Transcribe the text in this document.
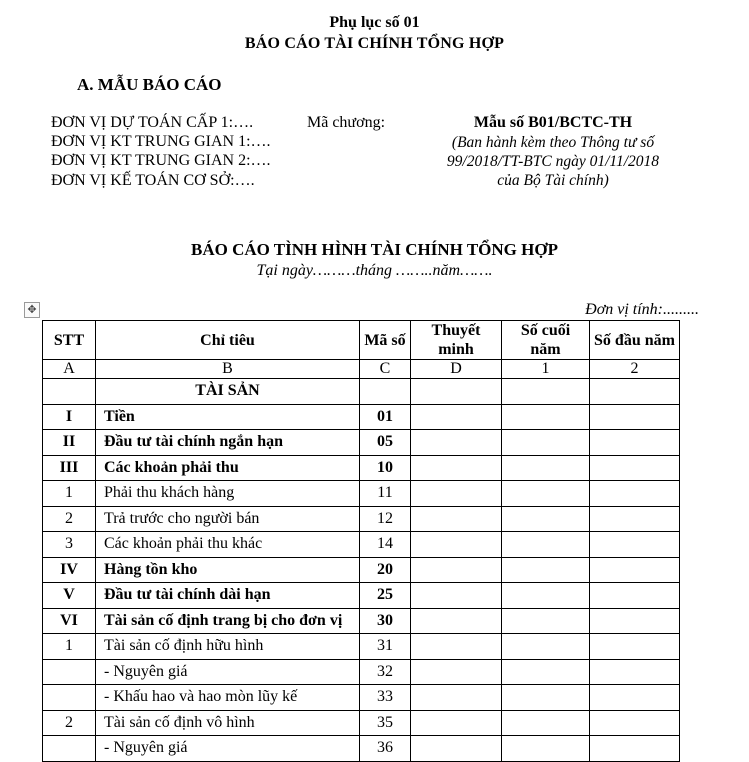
Phụ lục số 01
BÁO CÁO TÀI CHÍNH TỔNG HỢP
A. MẪU BÁO CÁO
ĐƠN VỊ DỰ TOÁN CẤP 1:….
ĐƠN VỊ KT TRUNG GIAN 1:….
ĐƠN VỊ KT TRUNG GIAN 2:….
ĐƠN VỊ KẾ TOÁN CƠ SỞ:….
Mã chương:	Mẫu số B01/BCTC-TH
(Ban hành kèm theo Thông tư số
99/2018/TT-BTC ngày 01/11/2018
của Bộ Tài chính)
BÁO CÁO TÌNH HÌNH TÀI CHÍNH TỔNG HỢP
Tại ngày………tháng ……..năm…….
Đơn vị tính:.........
✥
STT	Chỉ tiêu	Mã số	Thuyết minh	Số cuối năm	Số đầu năm
A	B	C	D	1	2
	TÀI SẢN				
I	Tiền	01			
II	Đầu tư tài chính ngắn hạn	05			
III	Các khoản phải thu	10			
1	Phải thu khách hàng	11			
2	Trả trước cho người bán	12			
3	Các khoản phải thu khác	14			
IV	Hàng tồn kho	20			
V	Đầu tư tài chính dài hạn	25			
VI	Tài sản cố định trang bị cho đơn vị	30			
1	Tài sản cố định hữu hình	31			
	- Nguyên giá	32			
	- Khấu hao và hao mòn lũy kế	33			
2	Tài sản cố định vô hình	35			
	- Nguyên giá	36			
